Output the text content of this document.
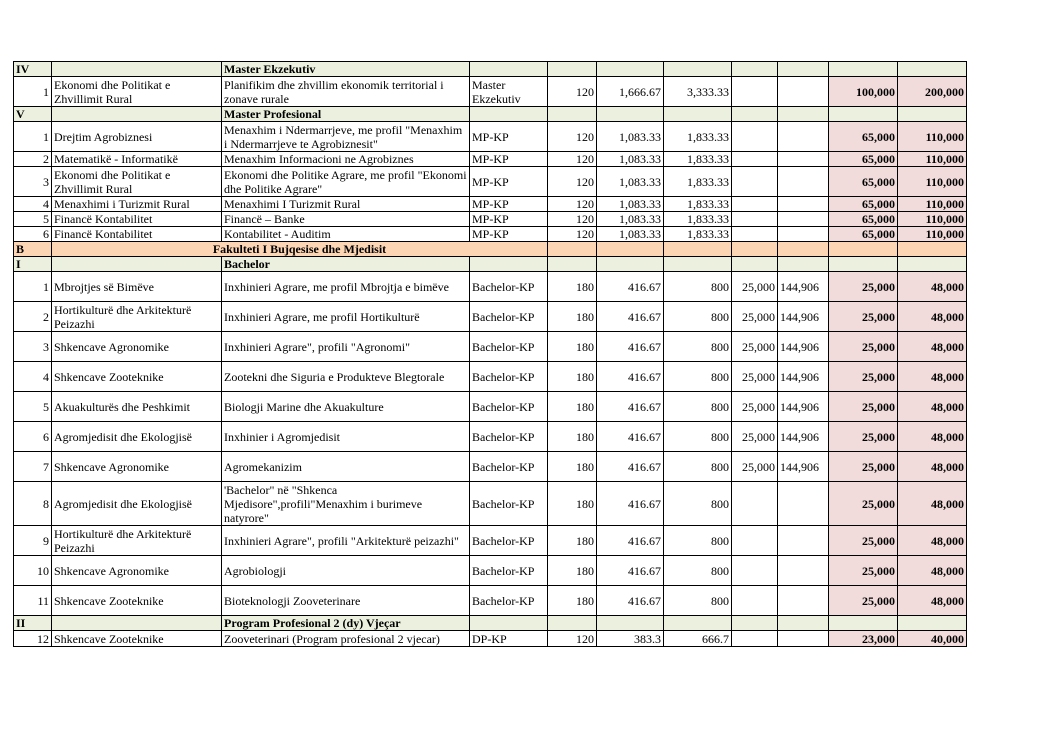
IV		Master Ekzekutiv								
1	Ekonomi dhe Politikat e Zhvillimit Rural	Planifikim dhe zhvillim ekonomik territorial i zonave rurale	Master Ekzekutiv	120	1,666.67	3,333.33			100,000	200,000
V		Master Profesional								
1	Drejtim Agrobiznesi	Menaxhim i Ndermarrjeve, me profil "Menaxhim i Ndermarrjeve te Agrobiznesit"	MP-KP	120	1,083.33	1,833.33			65,000	110,000
2	Matematikë - Informatikë	Menaxhim Informacioni ne Agrobiznes	MP-KP	120	1,083.33	1,833.33			65,000	110,000
3	Ekonomi dhe Politikat e Zhvillimit Rural	Ekonomi dhe Politike Agrare, me profil "Ekonomi dhe Politike Agrare"	MP-KP	120	1,083.33	1,833.33			65,000	110,000
4	Menaxhimi i Turizmit Rural	Menaxhimi I Turizmit Rural	MP-KP	120	1,083.33	1,833.33			65,000	110,000
5	Financë Kontabilitet	Financë – Banke	MP-KP	120	1,083.33	1,833.33			65,000	110,000
6	Financë Kontabilitet	Kontabilitet - Auditim	MP-KP	120	1,083.33	1,833.33			65,000	110,000
B	Fakulteti I Bujqesise dhe Mjedisit									
I		Bachelor								
1	Mbrojtjes së Bimëve	Inxhinieri Agrare, me profil Mbrojtja e bimëve	Bachelor-KP	180	416.67	800	25,000	144,906	25,000	48,000
2	Hortikulturë dhe Arkitekturë Peizazhi	Inxhinieri Agrare, me profil Hortikulturë	Bachelor-KP	180	416.67	800	25,000	144,906	25,000	48,000
3	Shkencave Agronomike	Inxhinieri Agrare", profili "Agronomi"	Bachelor-KP	180	416.67	800	25,000	144,906	25,000	48,000
4	Shkencave Zooteknike	Zootekni dhe Siguria e Produkteve Blegtorale	Bachelor-KP	180	416.67	800	25,000	144,906	25,000	48,000
5	Akuakulturës dhe Peshkimit	Biologji Marine dhe Akuakulture	Bachelor-KP	180	416.67	800	25,000	144,906	25,000	48,000
6	Agromjedisit dhe Ekologjisë	Inxhinier i Agromjedisit	Bachelor-KP	180	416.67	800	25,000	144,906	25,000	48,000
7	Shkencave Agronomike	Agromekanizim	Bachelor-KP	180	416.67	800	25,000	144,906	25,000	48,000
8	Agromjedisit dhe Ekologjisë	'Bachelor" në "Shkenca Mjedisore",profili"Menaxhim i burimeve natyrore"	Bachelor-KP	180	416.67	800			25,000	48,000
9	Hortikulturë dhe Arkitekturë Peizazhi	Inxhinieri Agrare", profili "Arkitekturë peizazhi"	Bachelor-KP	180	416.67	800			25,000	48,000
10	Shkencave Agronomike	Agrobiologji	Bachelor-KP	180	416.67	800			25,000	48,000
11	Shkencave Zooteknike	Bioteknologji Zooveterinare	Bachelor-KP	180	416.67	800			25,000	48,000
II		Program Profesional 2 (dy) Vjeçar								
12	Shkencave Zooteknike	Zooveterinari (Program profesional 2 vjecar)	DP-KP	120	383.3	666.7			23,000	40,000
